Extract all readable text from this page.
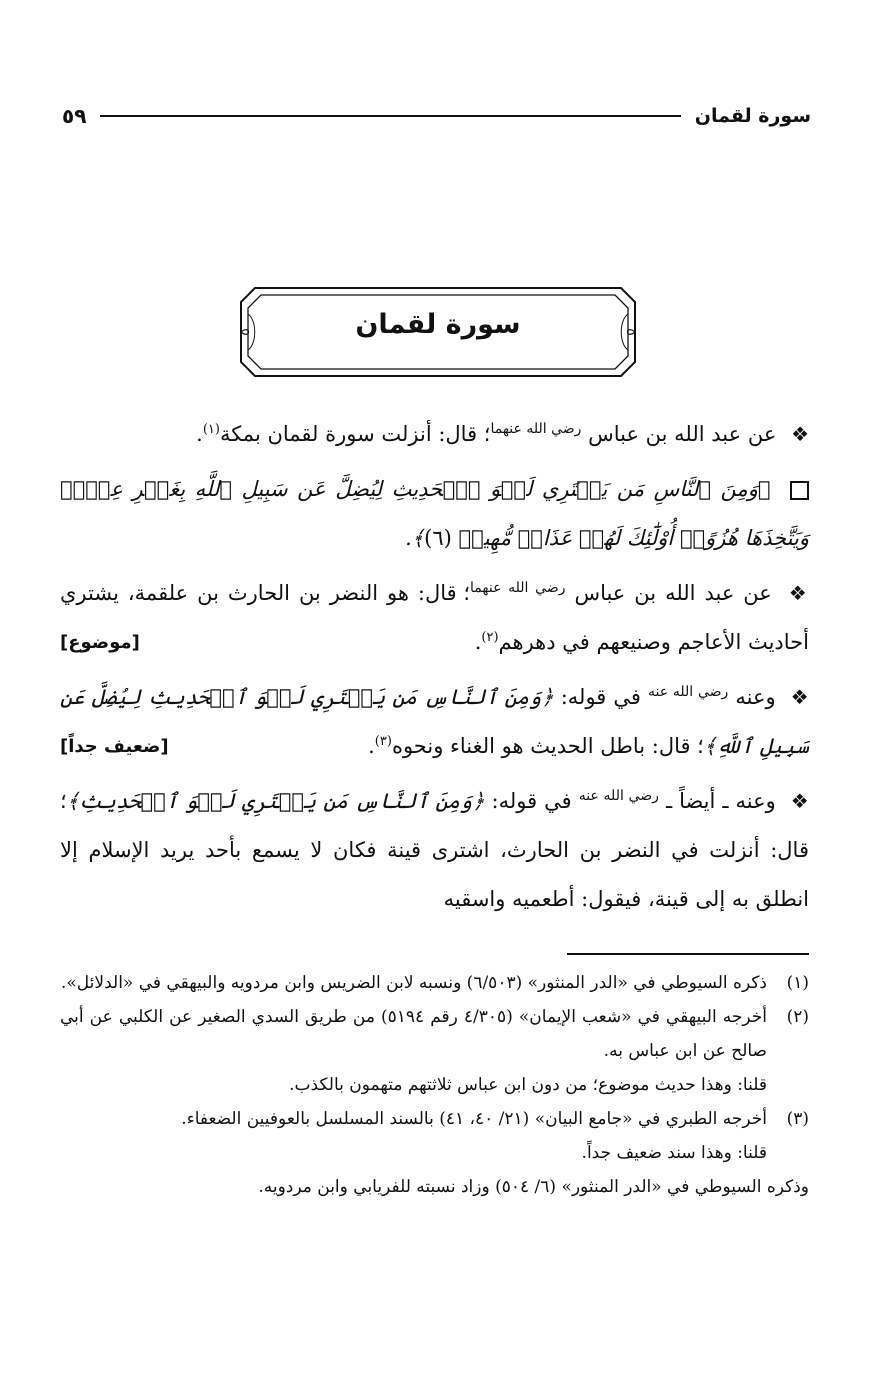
سورة لقمان
٥٩
سورة لقمان

❖ عن عبد الله بن عباس $^{رضي الله عنهما}$؛ قال: أنزلت سورة لقمان بمكة$^{(١)}$.

﴿وَمِنَ ٱلنَّاسِ مَن يَشۡتَرِي لَهۡوَ ٱلۡحَدِيثِ لِيُضِلَّ عَن سَبِيلِ ٱللَّهِ بِغَيۡرِ عِلۡمٖ وَيَتَّخِذَهَا هُزُوًاۚ أُوْلَٰٓئِكَ لَهُمۡ عَذَابٞ مُّهِينٞ (٦)﴾.

❖ عن عبد الله بن عباس $^{رضي الله عنهما}$؛ قال: هو النضر بن الحارث بن علقمة، يشتري أحاديث الأعاجم وصنيعهم في دهرهم$^{(٢)}$.
[موضوع]

❖ وعنه $^{رضي الله عنه}$ في قوله: ﴿وَمِنَ ٱلنَّاسِ مَن يَشۡتَرِي لَهۡوَ ٱلۡحَدِيثِ لِيُضِلَّ عَن سَبِيلِ ٱللَّهِ﴾؛ قال: باطل الحديث هو الغناء ونحوه$^{(٣)}$.
[ضعيف جداً]

❖ وعنه ـ أيضاً ـ $^{رضي الله عنه}$ في قوله: ﴿وَمِنَ ٱلنَّاسِ مَن يَشۡتَرِي لَهۡوَ ٱلۡحَدِيثِ﴾؛ قال: أنزلت في النضر بن الحارث، اشترى قينة فكان لا يسمع بأحد يريد الإسلام إلا انطلق به إلى قينة، فيقول: أطعميه واسقيه

(١)
ذكره السيوطي في «الدر المنثور» (٦/٥٠٣) ونسبه لابن الضريس وابن مردويه والبيهقي في «الدلائل».
(٢)
أخرجه البيهقي في «شعب الإيمان» (٤/٣٠٥ رقم ٥١٩٤) من طريق السدي الصغير عن الكلبي عن أبي صالح عن ابن عباس به.
قلنا: وهذا حديث موضوع؛ من دون ابن عباس ثلاثتهم متهمون بالكذب.
(٣)
أخرجه الطبري في «جامع البيان» (٢١/ ٤٠، ٤١) بالسند المسلسل بالعوفيين الضعفاء.
قلنا: وهذا سند ضعيف جداً.
وذكره السيوطي في «الدر المنثور» (٦/ ٥٠٤) وزاد نسبته للفريابي وابن مردويه.
